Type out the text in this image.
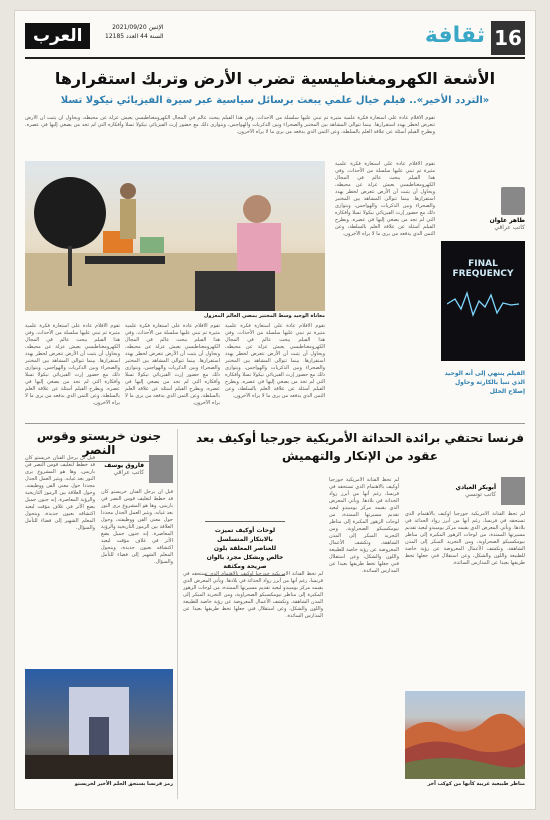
16
ثقافة
العرب	الإثنين 2021/09/20
السنة 44 العدد 12185
الأشعة الكهرومغناطيسية تضرب الأرض وتربك استقرارها
«التردد الأخير».. فيلم خيال علمي يبعث برسائل سياسية عبر سيرة الفيزيائي نيكولا تسلا
تقوم الأفلام عادة على استعارة فكرة علمية مثيرة ثم تبني عليها سلسلة من الأحداث. وفي هذا الفيلم يبحث عالم في المجال الكهرومغناطيسي يعيش عزلة عن محيطه، ويحاول أن يثبت أن الأرض تتعرض لخطر يهدد استقرارها. بينما تتوالى المشاهد بين المختبر والصحراء وبين الذكريات والهواجس، ويتوازى ذلك مع حضور إرث الفيزيائي نيكولا تسلا وأفكاره التي لم تجد من يصغي إليها في عصره. ويطرح الفيلم أسئلة عن علاقة العلم بالسلطة، وعن الثمن الذي يدفعه من يرى ما لا يراه الآخرون.
طاهر علوان
كاتب عراقي
تقوم الأفلام عادة على استعارة فكرة علمية مثيرة ثم تبني عليها سلسلة من الأحداث. وفي هذا الفيلم يبحث عالم في المجال الكهرومغناطيسي يعيش عزلة عن محيطه، ويحاول أن يثبت أن الأرض تتعرض لخطر يهدد استقرارها. بينما تتوالى المشاهد بين المختبر والصحراء وبين الذكريات والهواجس، ويتوازى ذلك مع حضور إرث الفيزيائي نيكولا تسلا وأفكاره التي لم تجد من يصغي إليها في عصره. ويطرح الفيلم أسئلة عن علاقة العلم بالسلطة، وعن الثمن الذي يدفعه من يرى ما لا يراه الآخرون.
معاناة الوحيد وسط المختبر يمضي العالم المعزول
FINAL FREQUENCY
الفيلم ينتهي إلى أنه الوحيد الذي تنبأ بالكارثة وحاول إصلاح الخلل
تقوم الأفلام عادة على استعارة فكرة علمية مثيرة ثم تبني عليها سلسلة من الأحداث. وفي هذا الفيلم يبحث عالم في المجال الكهرومغناطيسي يعيش عزلة عن محيطه، ويحاول أن يثبت أن الأرض تتعرض لخطر يهدد استقرارها. بينما تتوالى المشاهد بين المختبر والصحراء وبين الذكريات والهواجس، ويتوازى ذلك مع حضور إرث الفيزيائي نيكولا تسلا وأفكاره التي لم تجد من يصغي إليها في عصره. ويطرح الفيلم أسئلة عن علاقة العلم بالسلطة، وعن الثمن الذي يدفعه من يرى ما لا يراه الآخرون.
تقوم الأفلام عادة على استعارة فكرة علمية مثيرة ثم تبني عليها سلسلة من الأحداث. وفي هذا الفيلم يبحث عالم في المجال الكهرومغناطيسي يعيش عزلة عن محيطه، ويحاول أن يثبت أن الأرض تتعرض لخطر يهدد استقرارها. بينما تتوالى المشاهد بين المختبر والصحراء وبين الذكريات والهواجس، ويتوازى ذلك مع حضور إرث الفيزيائي نيكولا تسلا وأفكاره التي لم تجد من يصغي إليها في عصره. ويطرح الفيلم أسئلة عن علاقة العلم بالسلطة، وعن الثمن الذي يدفعه من يرى ما لا يراه الآخرون.
تقوم الأفلام عادة على استعارة فكرة علمية مثيرة ثم تبني عليها سلسلة من الأحداث. وفي هذا الفيلم يبحث عالم في المجال الكهرومغناطيسي يعيش عزلة عن محيطه، ويحاول أن يثبت أن الأرض تتعرض لخطر يهدد استقرارها. بينما تتوالى المشاهد بين المختبر والصحراء وبين الذكريات والهواجس، ويتوازى ذلك مع حضور إرث الفيزيائي نيكولا تسلا وأفكاره التي لم تجد من يصغي إليها في عصره. ويطرح الفيلم أسئلة عن علاقة العلم بالسلطة، وعن الثمن الذي يدفعه من يرى ما لا يراه الآخرون.
فرنسا تحتفي برائدة الحداثة الأمريكية جورجيا أوكيف بعد عقود من الإنكار والتهميش

أبوبكر العيادي
كاتب تونسي
لم تحظ الفنانة الأمريكية جورجيا أوكيف بالاهتمام الذي تستحقه في فرنسا، رغم أنها من أبرز رواد الحداثة في بلادها. ويأتي المعرض الذي يقيمه مركز بومبيدو ليعيد تقديم مسيرتها الممتدة، من لوحات الزهور المكبرة إلى مناظر نيومكسيكو الصحراوية، ومن التجريد المبكر إلى المدن الشاهقة. وتكشف الأعمال المعروضة عن رؤية خاصة للطبيعة واللون والشكل، وعن استقلال فني جعلها تخط طريقها بعيدا عن المدارس السائدة.
لم تحظ الفنانة الأمريكية جورجيا أوكيف بالاهتمام الذي تستحقه في فرنسا، رغم أنها من أبرز رواد الحداثة في بلادها. ويأتي المعرض الذي يقيمه مركز بومبيدو ليعيد تقديم مسيرتها الممتدة، من لوحات الزهور المكبرة إلى مناظر نيومكسيكو الصحراوية، ومن التجريد المبكر إلى المدن الشاهقة. وتكشف الأعمال المعروضة عن رؤية خاصة للطبيعة واللون والشكل، وعن استقلال فني جعلها تخط طريقها بعيدا عن المدارس السائدة.
لوحات أوكيف تميزت بالابتكار المتسلسل للعناصر المعلقة بلون خالص وبشكل مجرد بالوان صريحة ومكثفة
لم تحظ الفنانة الأمريكية جورجيا أوكيف بالاهتمام الذي تستحقه في فرنسا، رغم أنها من أبرز رواد الحداثة في بلادها. ويأتي المعرض الذي يقيمه مركز بومبيدو ليعيد تقديم مسيرتها الممتدة، من لوحات الزهور المكبرة إلى مناظر نيومكسيكو الصحراوية، ومن التجريد المبكر إلى المدن الشاهقة. وتكشف الأعمال المعروضة عن رؤية خاصة للطبيعة واللون والشكل، وعن استقلال فني جعلها تخط طريقها بعيدا عن المدارس السائدة.
مناظر طبيعية غريبة كأنها من كوكب آخر
جنون خريستو وقوس النصر

فاروق يوسف
كاتب عراقي
قبل أن يرحل الفنان خريستو كان قد خطط لتغليف قوس النصر في باريس، وها هو المشروع يرى النور بعد غيابه. ويثير العمل الجدل مجددا حول معنى الفن ووظيفته، وحول العلاقة بين الرموز التاريخية والرؤية المعاصرة. إنه جنون جميل يضع الأثر في غلاف مؤقت ليعيد اكتشافه بعيون جديدة، ويتحول المعلم الشهير إلى فضاء للتأمل والسؤال.
قبل أن يرحل الفنان خريستو كان قد خطط لتغليف قوس النصر في باريس، وها هو المشروع يرى النور بعد غيابه. ويثير العمل الجدل مجددا حول معنى الفن ووظيفته، وحول العلاقة بين الرموز التاريخية والرؤية المعاصرة. إنه جنون جميل يضع الأثر في غلاف مؤقت ليعيد اكتشافه بعيون جديدة، ويتحول المعلم الشهير إلى فضاء للتأمل والسؤال.
رمز فرنسا يستحق الحلم الأخير لخريستو
